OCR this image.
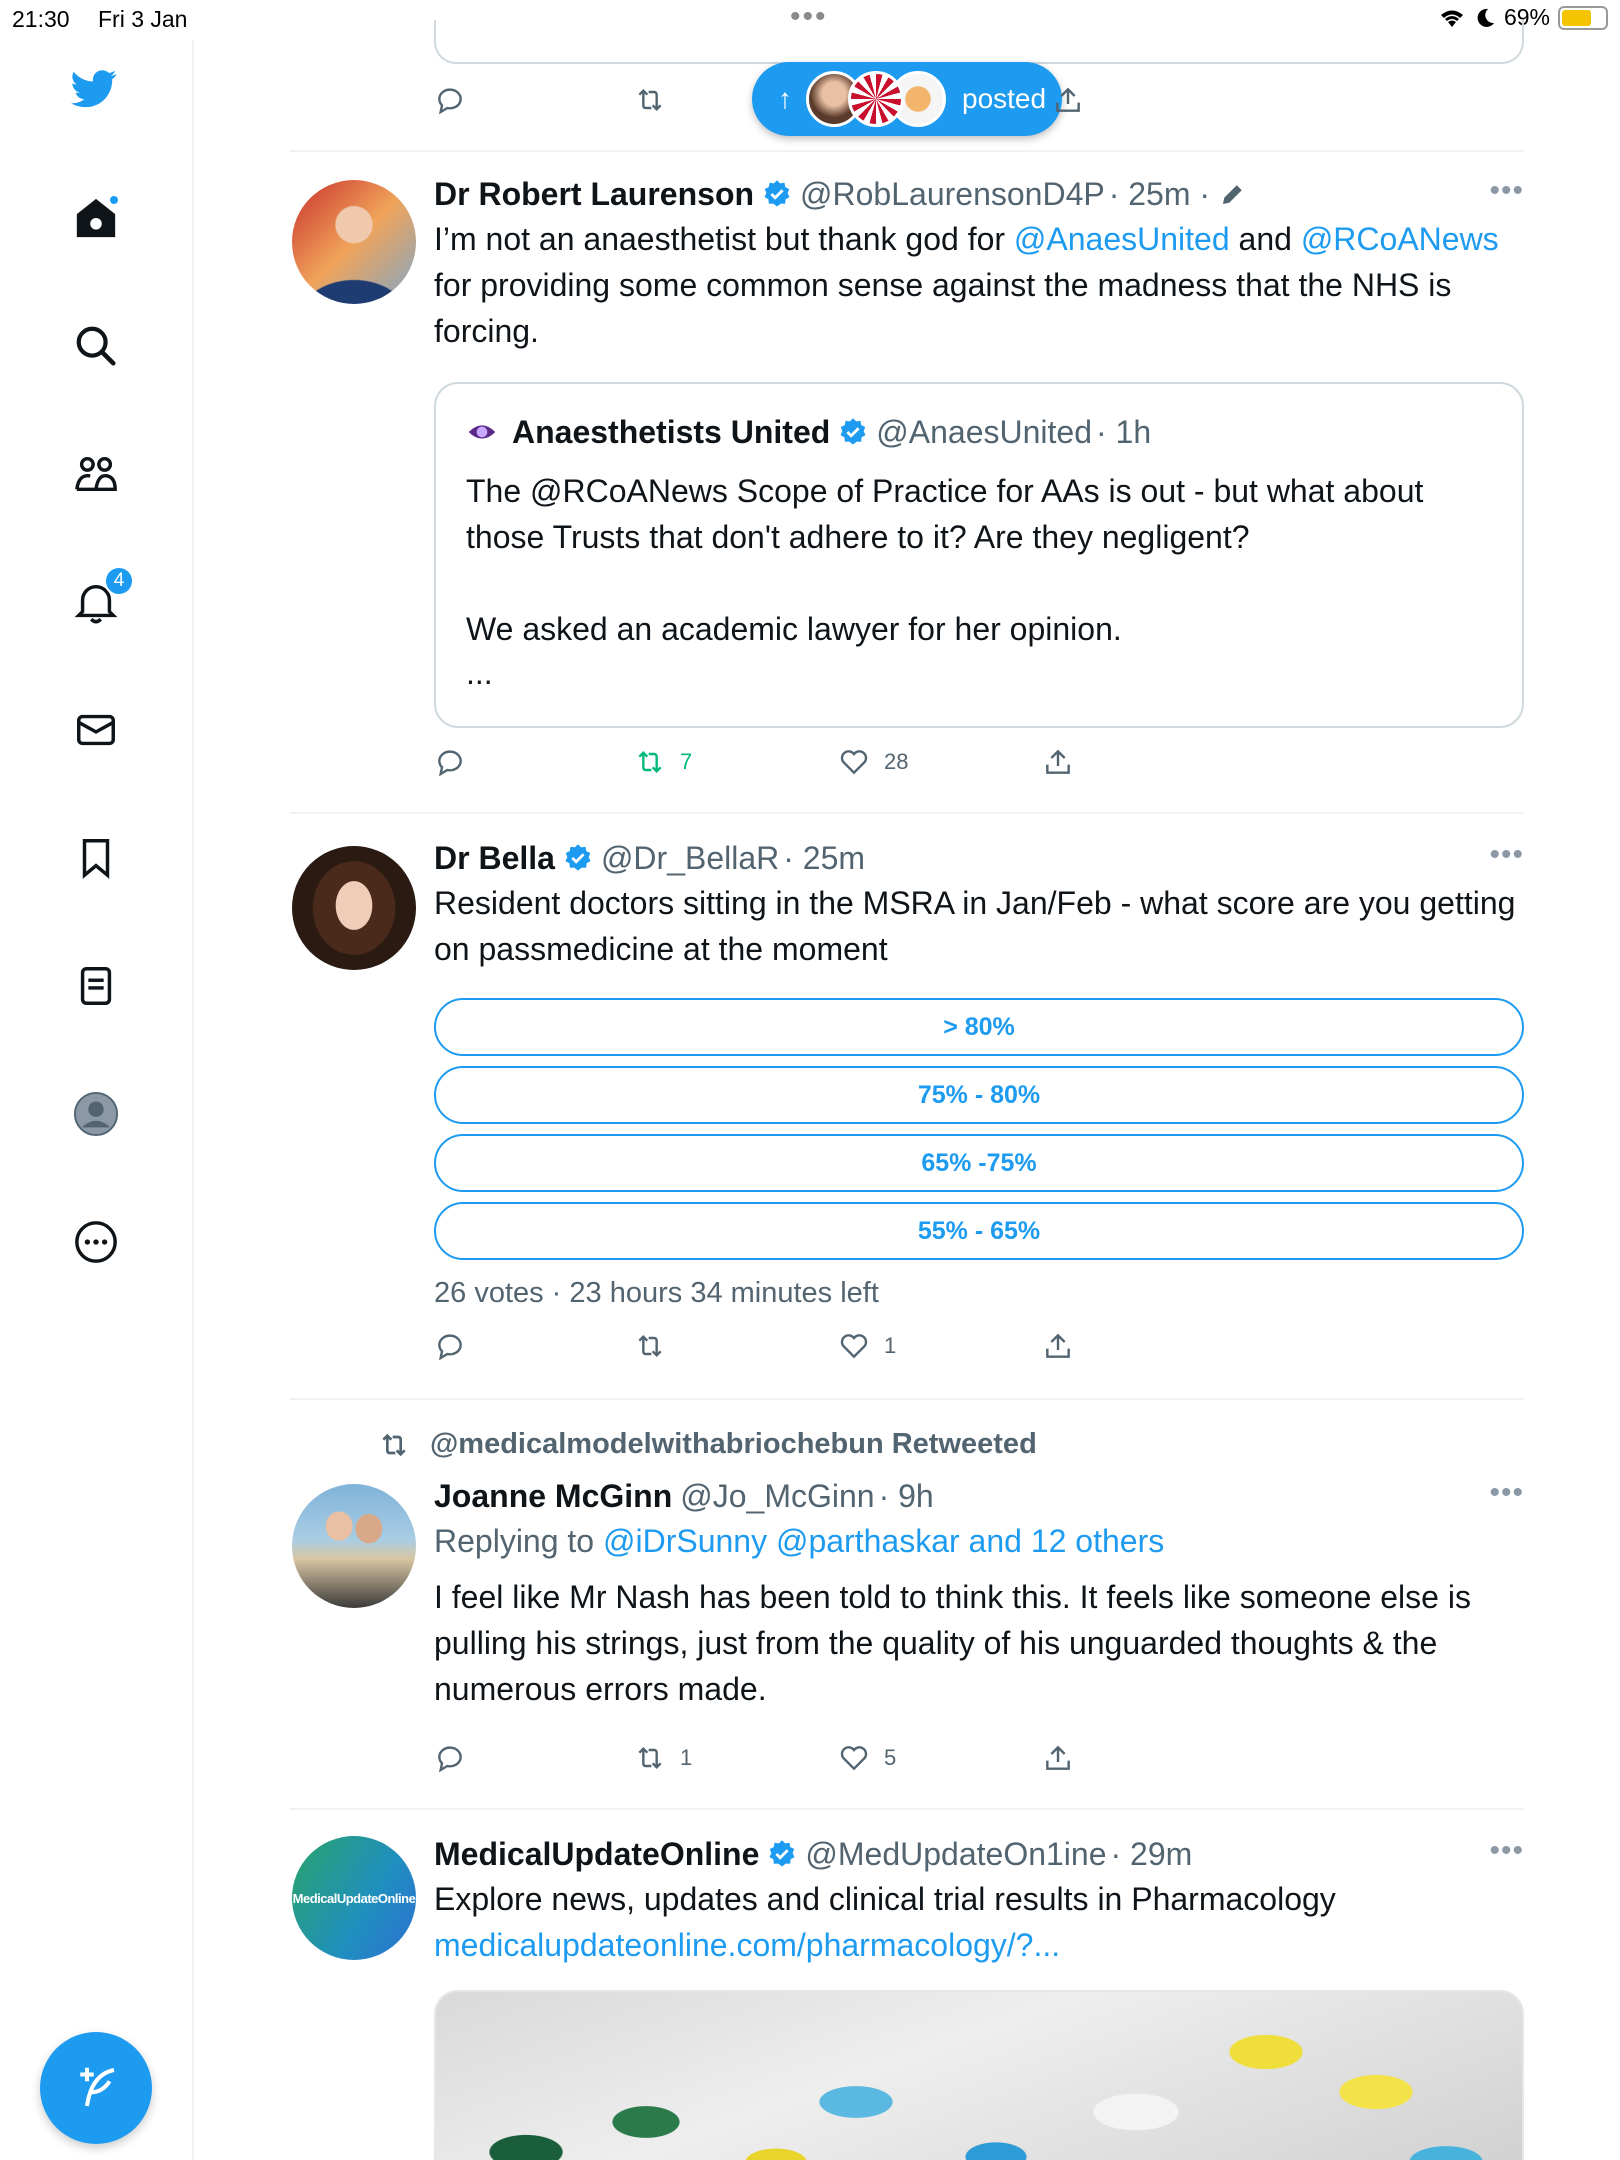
21:30 Fri 3 Jan	•••	69%
4
↑	posted
Dr Robert Laurenson @RobLaurensonD4P · 25m ·	•••
I’m not an anaesthetist but thank god for @AnaesUnited and @RCoANews for providing some common sense against the madness that the NHS is forcing.
Anaesthetists United @AnaesUnited · 1h
The @RCoANews Scope of Practice for AAs is out - but what about those Trusts that don't adhere to it? Are they negligent?
We asked an academic lawyer for her opinion.
...
7	28
Dr Bella @Dr_BellaR · 25m	•••
Resident doctors sitting in the MSRA in Jan/Feb - what score are you getting on passmedicine at the moment
> 80%
75% - 80%
65% -75%
55% - 65%
26 votes · 23 hours 34 minutes left
1
@medicalmodelwithabriochebun Retweeted
Joanne McGinn @Jo_McGinn · 9h	•••
Replying to @iDrSunny @parthaskar and 12 others
I feel like Mr Nash has been told to think this. It feels like someone else is pulling his strings, just from the quality of his unguarded thoughts & the numerous errors made.
1	5
MedicalUpdateOnline
MedicalUpdateOnline @MedUpdateOn1ine · 29m	•••
Explore news, updates and clinical trial results in Pharmacology
medicalupdateonline.com/pharmacology/?...
